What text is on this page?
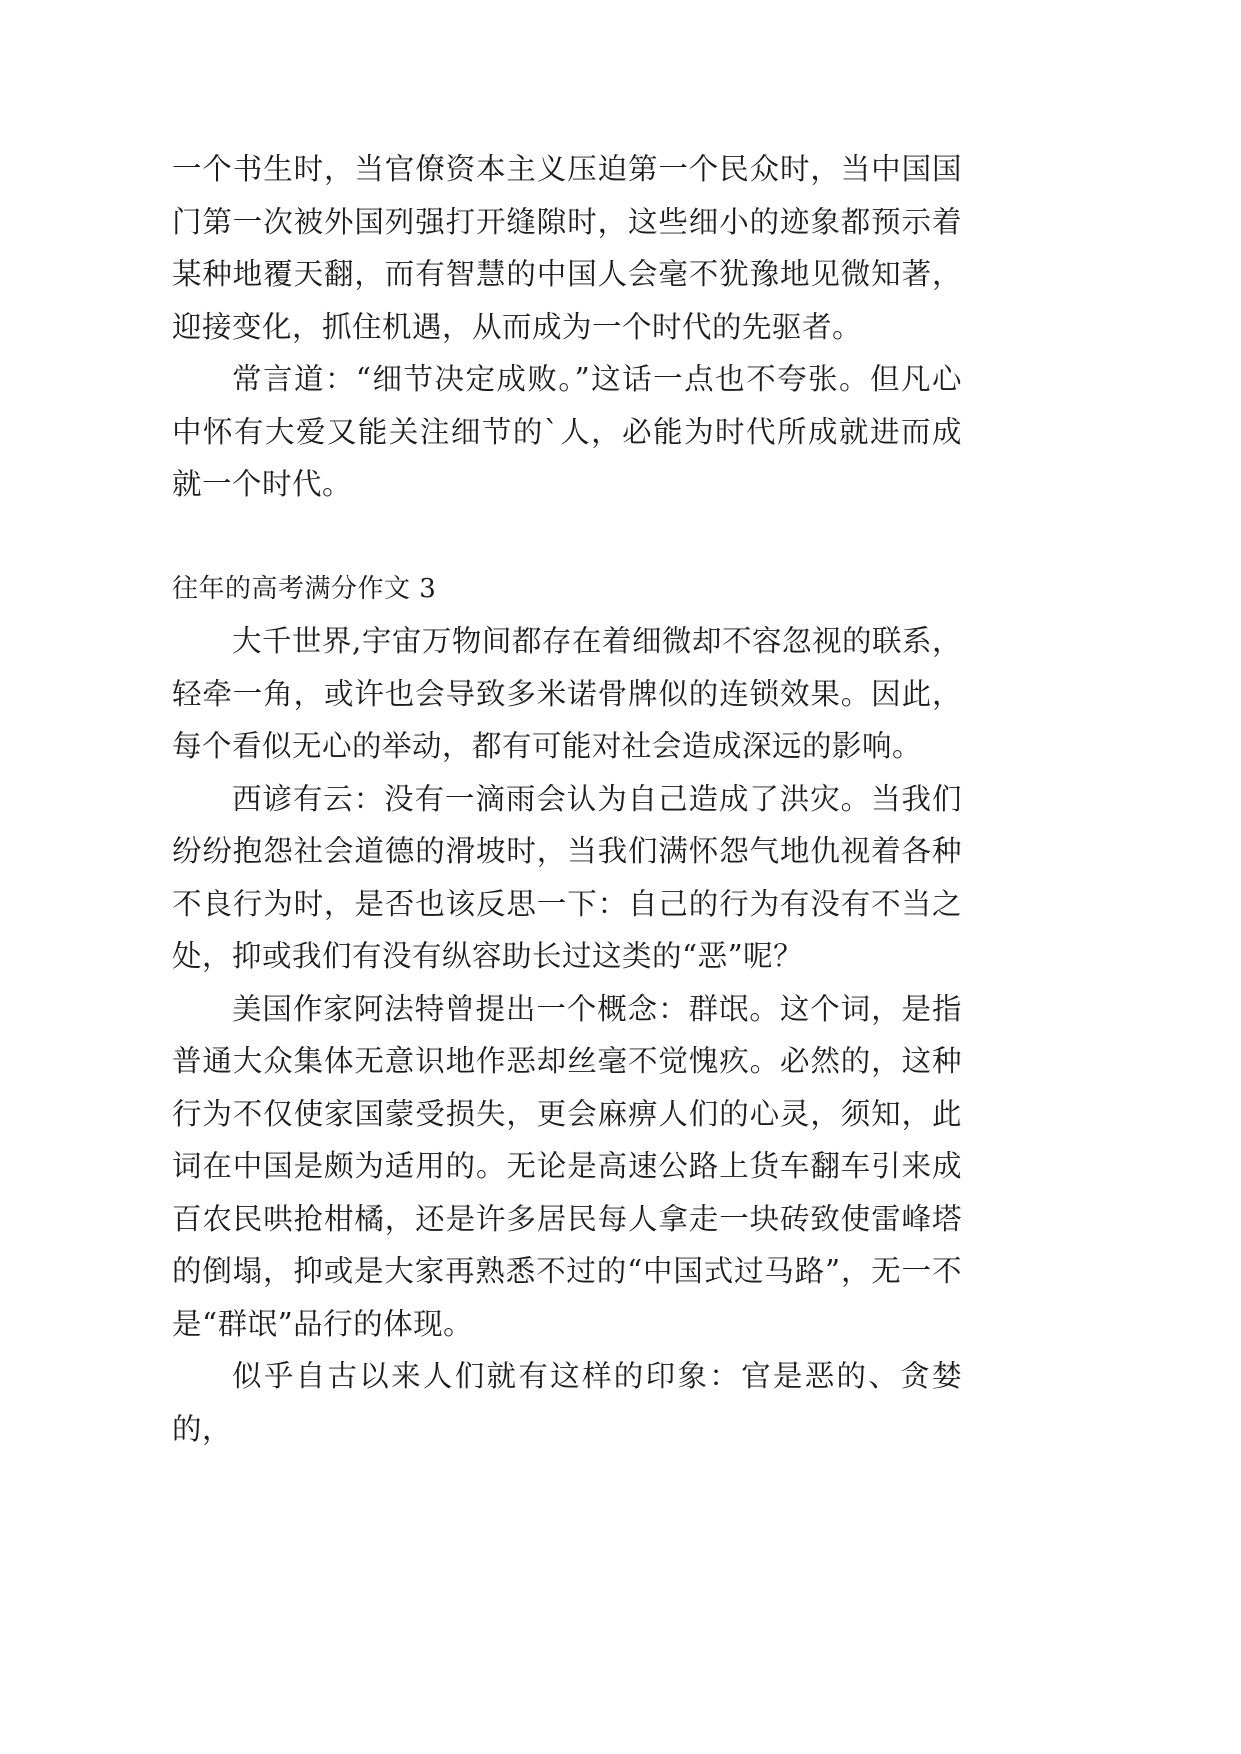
一个书生时，当官僚资本主义压迫第一个民众时，当中国国门第一次被外国列强打开缝隙时，这些细小的迹象都预示着某种地覆天翻，而有智慧的中国人会毫不犹豫地见微知著，迎接变化，抓住机遇，从而成为一个时代的先驱者。

常言道：“细节决定成败。”这话一点也不夸张。但凡心中怀有大爱又能关注细节的`人，必能为时代所成就进而成就一个时代。

往年的高考满分作文 3

大千世界,宇宙万物间都存在着细微却不容忽视的联系，轻牵一角，或许也会导致多米诺骨牌似的连锁效果。因此，每个看似无心的举动，都有可能对社会造成深远的影响。

西谚有云：没有一滴雨会认为自己造成了洪灾。当我们纷纷抱怨社会道德的滑坡时，当我们满怀怨气地仇视着各种不良行为时，是否也该反思一下：自己的行为有没有不当之处，抑或我们有没有纵容助长过这类的“恶”呢？

美国作家阿法特曾提出一个概念：群氓。这个词，是指普通大众集体无意识地作恶却丝毫不觉愧疚。必然的，这种行为不仅使家国蒙受损失，更会麻痹人们的心灵，须知，此词在中国是颇为适用的。无论是高速公路上货车翻车引来成百农民哄抢柑橘，还是许多居民每人拿走一块砖致使雷峰塔的倒塌，抑或是大家再熟悉不过的“中国式过马路”，无一不是“群氓”品行的体现。

似乎自古以来人们就有这样的印象：官是恶的、贪婪的，
